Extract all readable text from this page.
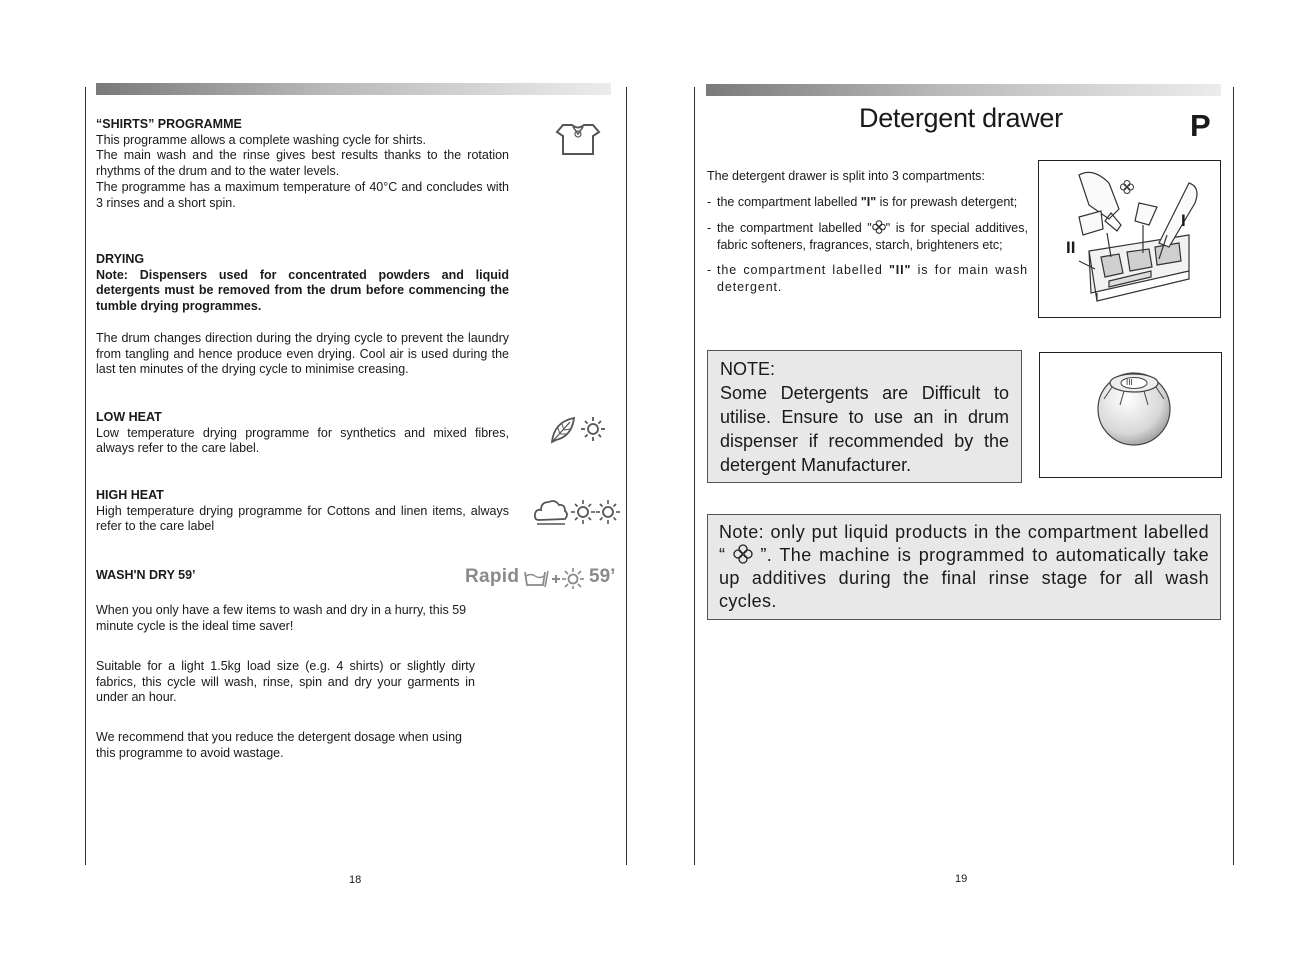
“SHIRTS” PROGRAMME
This programme allows a complete washing cycle for shirts.
The main wash and the rinse gives best results thanks to the rotation rhythms of the drum and to the water levels.
The programme has a maximum temperature of 40°C and concludes with 3 rinses and a short spin.
DRYING
Note: Dispensers used for concentrated powders and liquid detergents must be removed from the drum before commencing the tumble drying programmes.
The drum changes direction during the drying cycle to prevent the laundry from tangling and hence produce even drying. Cool air is used during the last ten minutes of the drying cycle to minimise creasing.
LOW HEAT
Low temperature drying programme for synthetics and mixed fibres, always refer to the care label.
HIGH HEAT
High temperature drying programme for Cottons and linen items, always refer to the care label
WASH'N DRY 59’	Rapid	59’
When you only have a few items to wash and dry in a hurry, this 59 minute cycle is the ideal time saver!
Suitable for a light 1.5kg load size (e.g. 4 shirts) or slightly dirty fabrics, this cycle will wash, rinse, spin and dry your garments in under an hour.
We recommend that you reduce the detergent dosage when using this programme to avoid wastage.
18
Detergent drawer	P
The detergent drawer is split into 3 compartments:
- the compartment labelled "I" is for prewash detergent;
- the compartment labelled " " is for special additives, fabric softeners, fragrances, starch, brighteners etc;
- the compartment labelled "II" is for main wash detergent.
I
II
NOTE:
Some Detergents are Difficult to utilise. Ensure to use an in drum dispenser if recommended by the detergent Manufacturer.
III
Note: only put liquid products in the compartment labelled “  ”. The machine is programmed to automatically take up additives during the final rinse stage for all wash cycles.
19
